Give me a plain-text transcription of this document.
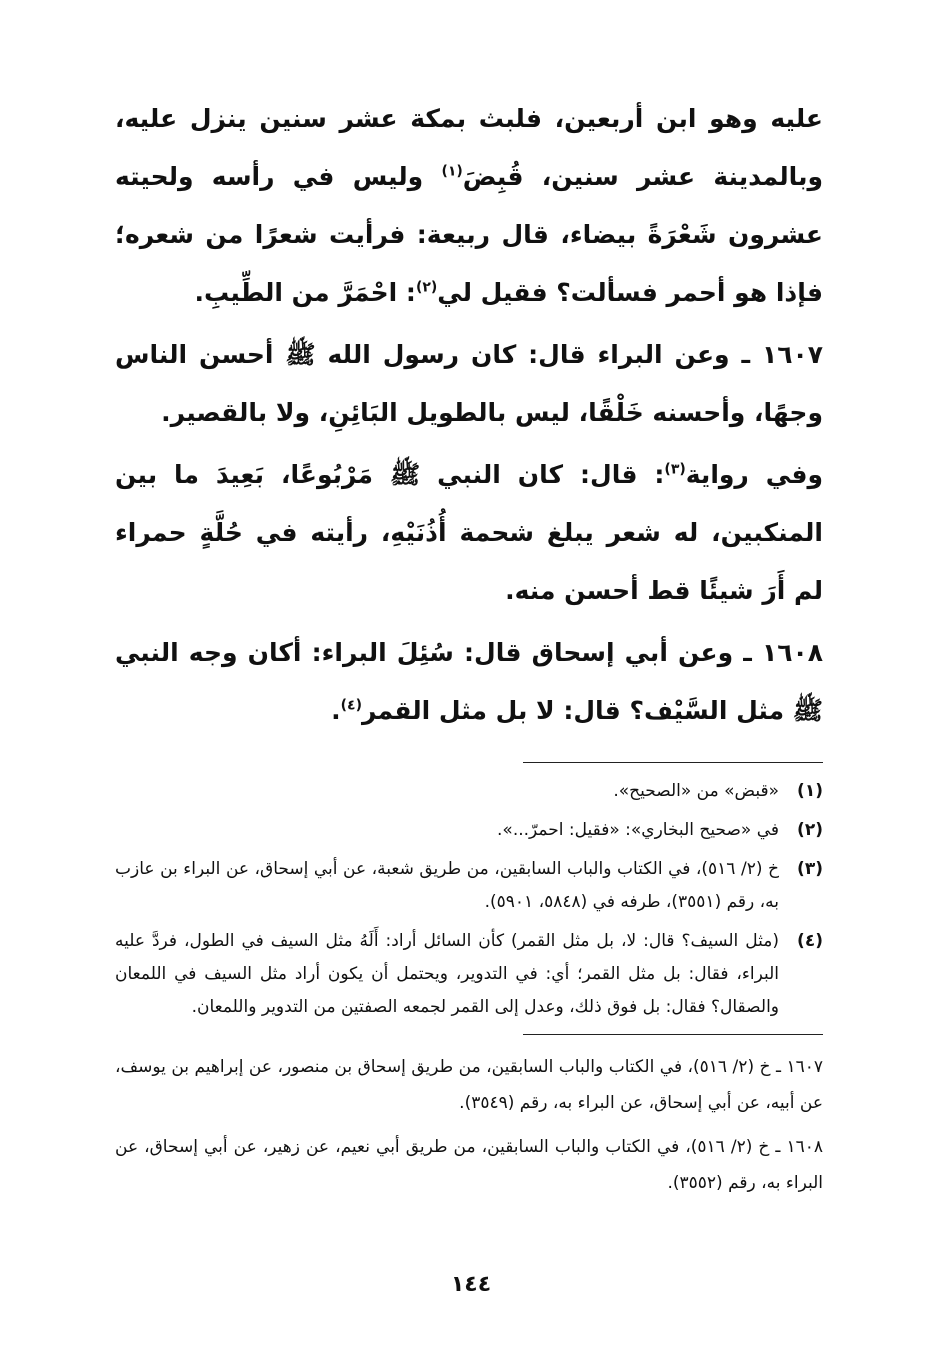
عليه وهو ابن أربعين، فلبث بمكة عشر سنين ينزل عليه، وبالمدينة عشر سنين، قُبِضَ$^{(١)}$ وليس في رأسه ولحيته عشرون شَعْرَةً بيضاء، قال ربيعة: فرأيت شعرًا من شعره؛ فإذا هو أحمر فسألت؟ فقيل لي$^{(٢)}$: احْمَرَّ من الطِّيبِ.

١٦٠٧ ـ وعن البراء قال: كان رسول الله ﷺ أحسن الناس وجهًا، وأحسنه خَلْقًا، ليس بالطويل البَائِنِ، ولا بالقصير.

وفي رواية$^{(٣)}$: قال: كان النبي ﷺ مَرْبُوعًا، بَعِيدَ ما بين المنكبين، له شعر يبلغ شحمة أُذُنَيْهِ، رأيته في حُلَّةٍ حمراء لم أَرَ شيئًا قط أحسن منه.

١٦٠٨ ـ وعن أبي إسحاق قال: سُئِلَ البراء: أكان وجه النبي ﷺ مثل السَّيْف؟ قال: لا بل مثل القمر$^{(٤)}$.

(١)
«قبض» من «الصحيح».
(٢)
في «صحيح البخاري»: «فقيل: احمرّ...».
(٣)
خ (٢/ ٥١٦)، في الكتاب والباب السابقين، من طريق شعبة، عن أبي إسحاق، عن البراء بن عازب به، رقم (٣٥٥١)، طرفه في (٥٨٤٨، ٥٩٠١).
(٤)
(مثل السيف؟ قال: لا، بل مثل القمر) كأن السائل أراد: أَلَهُ مثل السيف في الطول، فردَّ عليه البراء، فقال: بل مثل القمر؛ أي: في التدوير، ويحتمل أن يكون أراد مثل السيف في اللمعان والصقال؟ فقال: بل فوق ذلك، وعدل إلى القمر لجمعه الصفتين من التدوير واللمعان.

١٦٠٧ ـ خ (٢/ ٥١٦)، في الكتاب والباب السابقين، من طريق إسحاق بن منصور، عن إبراهيم بن يوسف، عن أبيه، عن أبي إسحاق، عن البراء به، رقم (٣٥٤٩).

١٦٠٨ ـ خ (٢/ ٥١٦)، في الكتاب والباب السابقين، من طريق أبي نعيم، عن زهير، عن أبي إسحاق، عن البراء به، رقم (٣٥٥٢).

١٤٤
